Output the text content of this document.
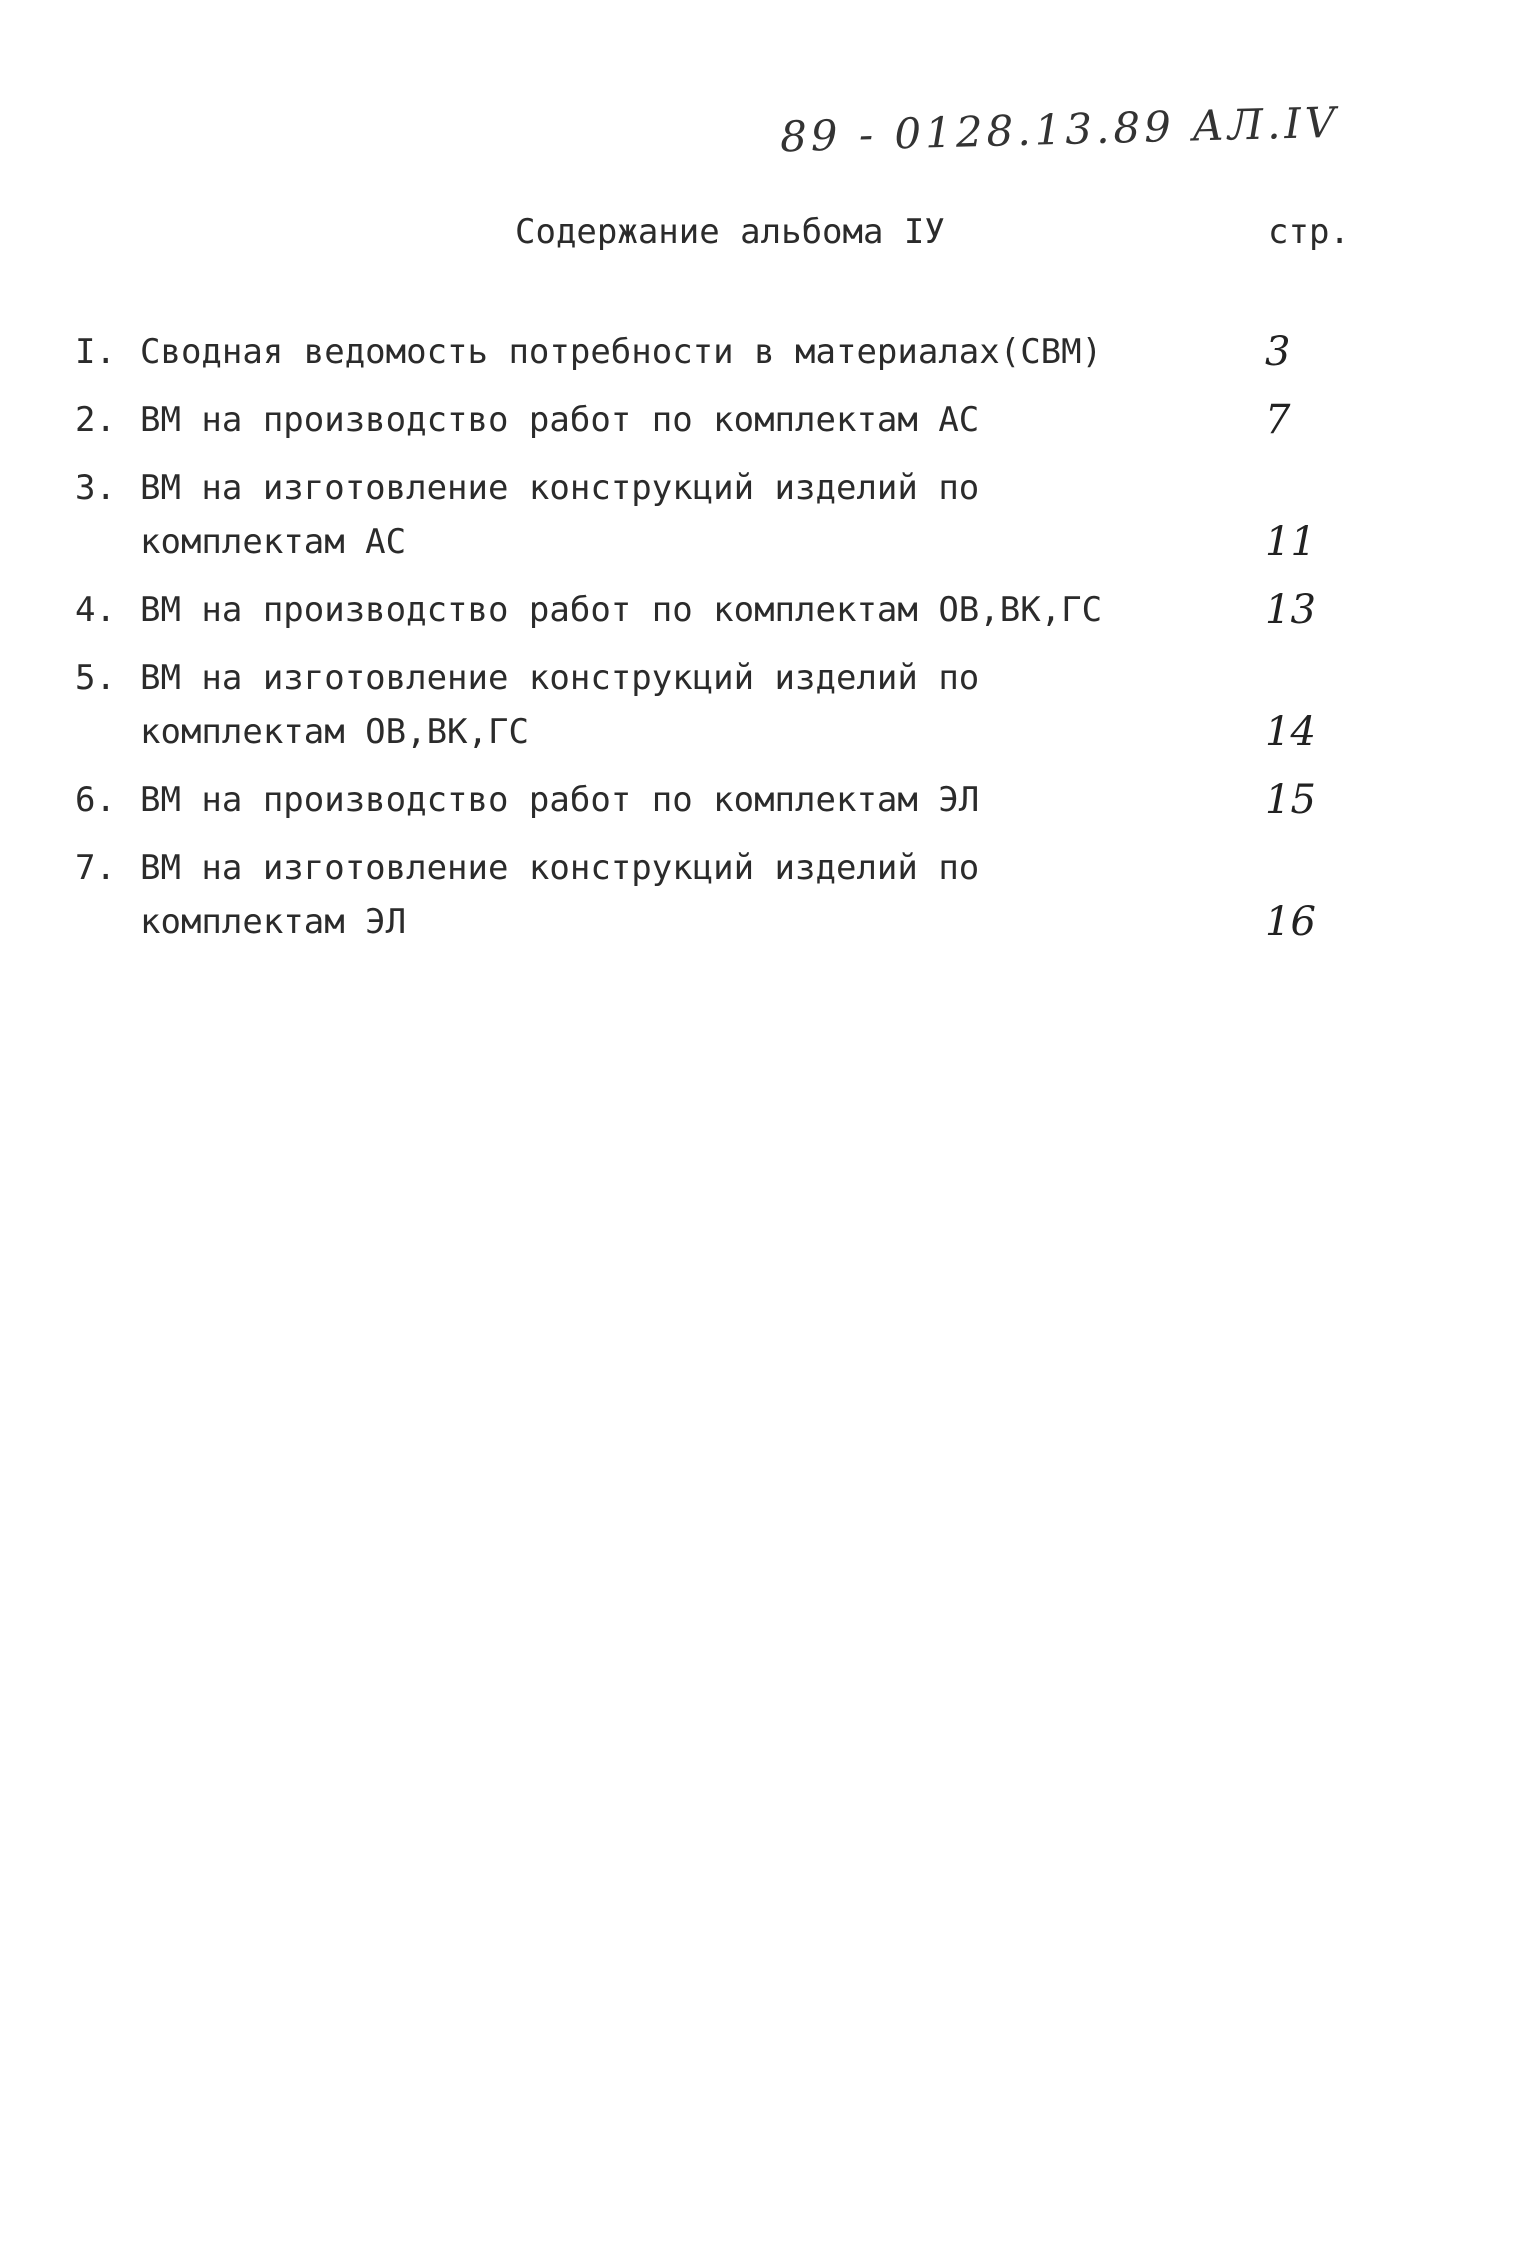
89 - 0128.13.89 АЛ.IV
Содержание альбома IУ	стр.
I. Сводная ведомость потребности в материалах(СВМ)	3
2. ВМ на производство работ по комплектам АС	7
3. ВМ на изготовление конструкций изделий по
комплектам АС	11
4. ВМ на производство работ по комплектам ОВ,ВК,ГС	13
5. ВМ на изготовление конструкций изделий по
комплектам ОВ,ВК,ГС	14
6. ВМ на производство работ по комплектам ЭЛ	15
7. ВМ на изготовление конструкций изделий по
комплектам ЭЛ	16
